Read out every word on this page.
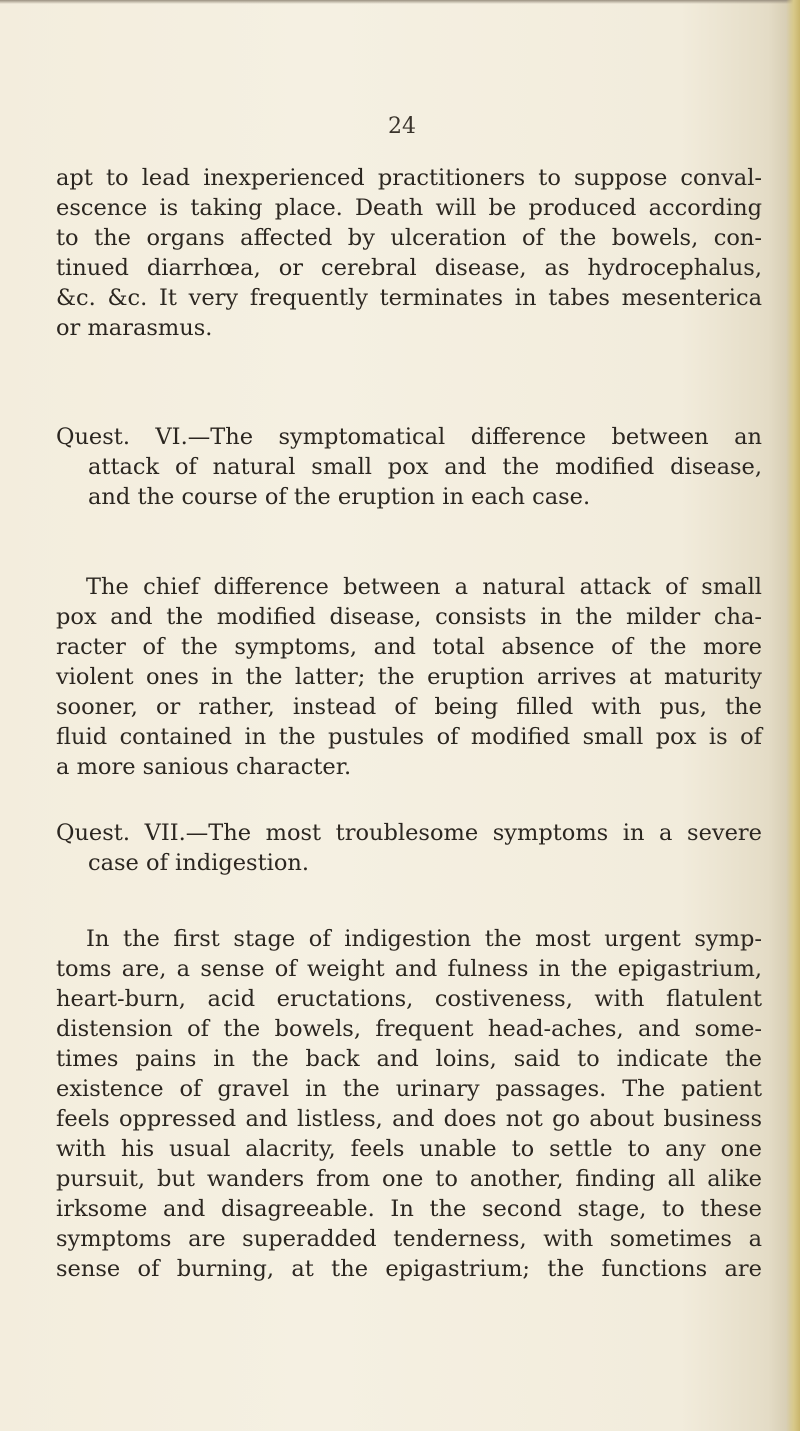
24
apt to lead inexperienced practitioners to suppose conval-
escence is taking place. Death will be produced according
to the organs affected by ulceration of the bowels, con-
tinued diarrhœa, or cerebral disease, as hydrocephalus,
&c. &c. It very frequently terminates in tabes mesenterica
or marasmus.
Quest. VI.—The symptomatical difference between an
attack of natural small pox and the modified disease,
and the course of the eruption in each case.
The chief difference between a natural attack of small
pox and the modified disease, consists in the milder cha-
racter of the symptoms, and total absence of the more
violent ones in the latter; the eruption arrives at maturity
sooner, or rather, instead of being filled with pus, the
fluid contained in the pustules of modified small pox is of
a more sanious character.
Quest. VII.—The most troublesome symptoms in a severe
case of indigestion.
In the first stage of indigestion the most urgent symp-
toms are, a sense of weight and fulness in the epigastrium,
heart-burn, acid eructations, costiveness, with flatulent
distension of the bowels, frequent head-aches, and some-
times pains in the back and loins, said to indicate the
existence of gravel in the urinary passages. The patient
feels oppressed and listless, and does not go about business
with his usual alacrity, feels unable to settle to any one
pursuit, but wanders from one to another, finding all alike
irksome and disagreeable. In the second stage, to these
symptoms are superadded tenderness, with sometimes a
sense of burning, at the epigastrium; the functions are
